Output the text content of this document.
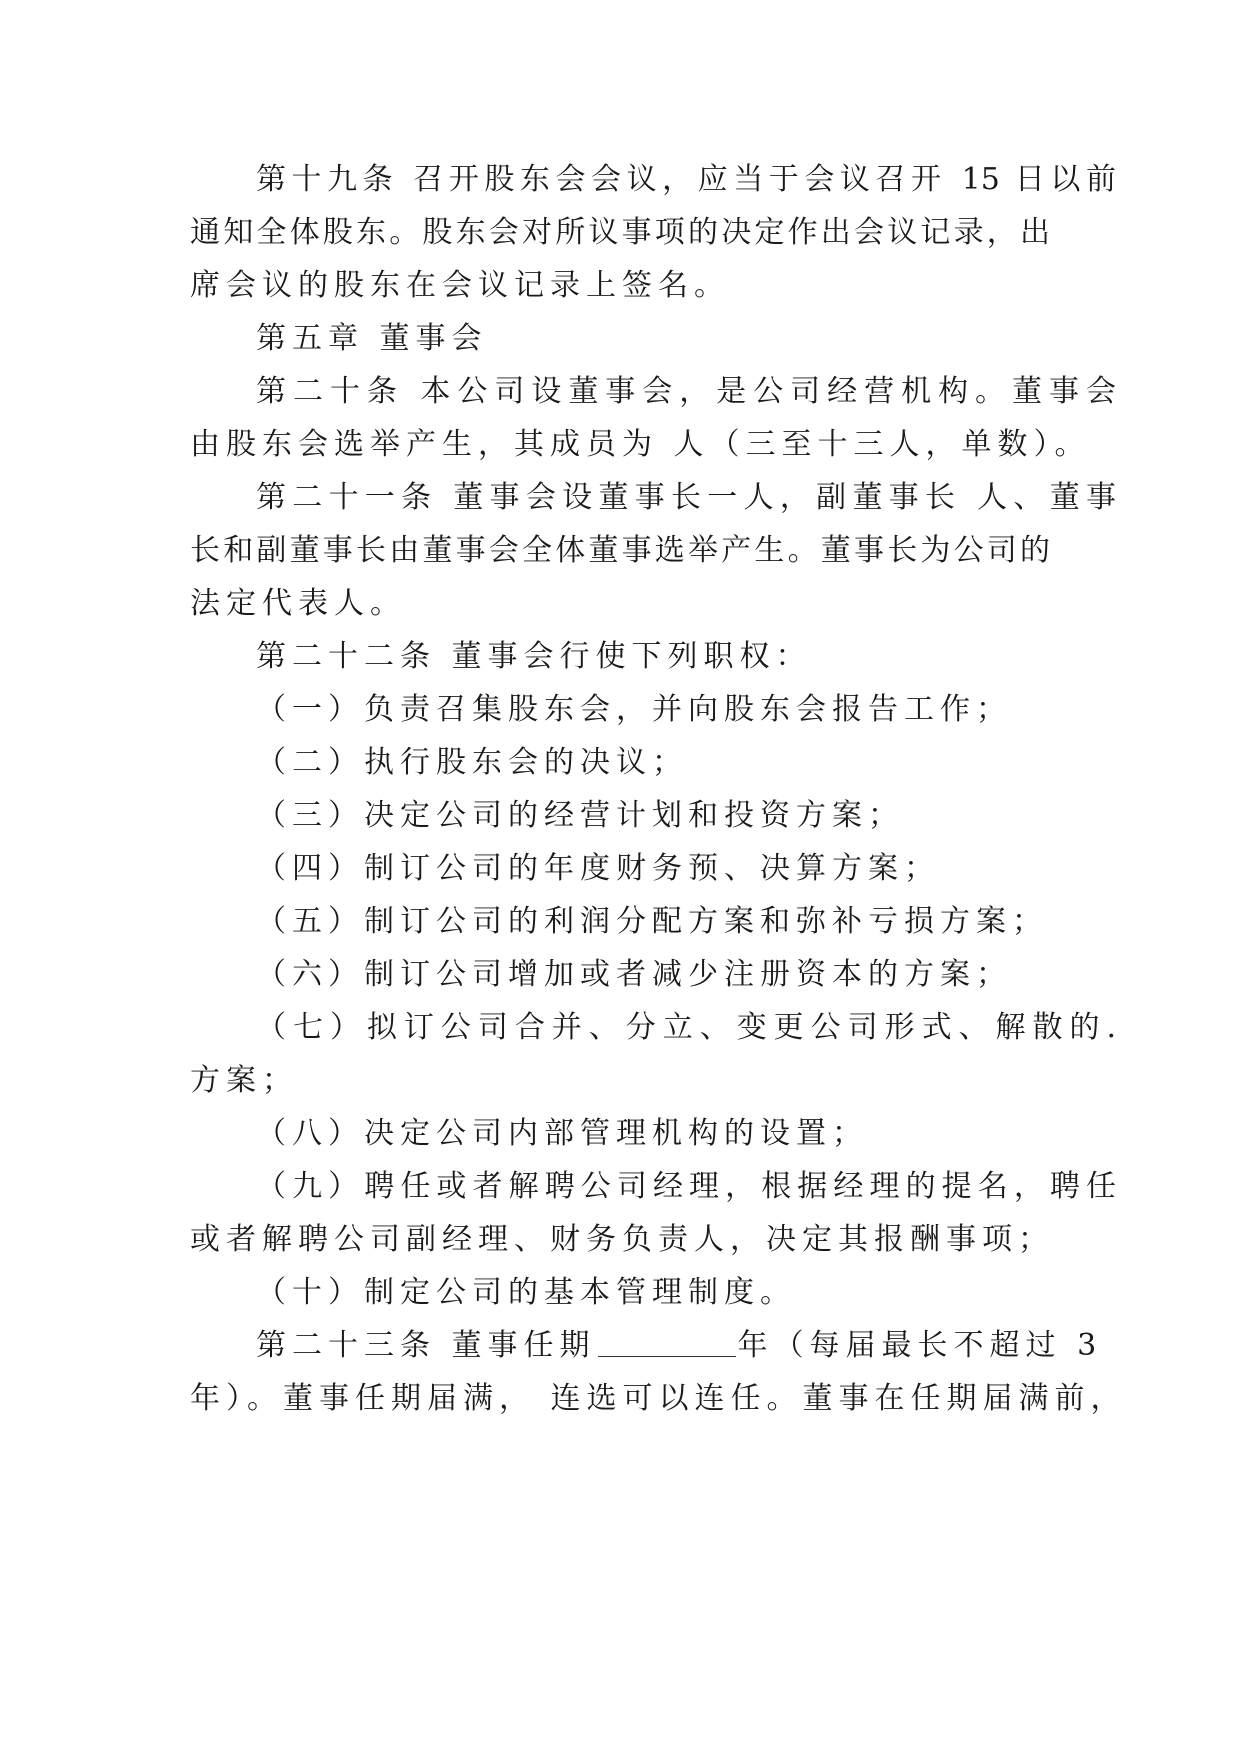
第十九条 召开股东会会议，应当于会议召开 15 日以前
通知全体股东。股东会对所议事项的决定作出会议记录，出
席会议的股东在会议记录上签名。
第五章 董事会
第二十条 本公司设董事会，是公司经营机构。董事会
由股东会选举产生，其成员为 人（三至十三人，单数）。
第二十一条 董事会设董事长一人，副董事长 人、董事
长和副董事长由董事会全体董事选举产生。董事长为公司的
法定代表人。
第二十二条 董事会行使下列职权：
（一）负责召集股东会，并向股东会报告工作；
（二）执行股东会的决议；
（三）决定公司的经营计划和投资方案；
（四）制订公司的年度财务预、决算方案；
（五）制订公司的利润分配方案和弥补亏损方案；
（六）制订公司增加或者减少注册资本的方案；
（七）拟订公司合并、分立、变更公司形式、解散的.
方案；
（八）决定公司内部管理机构的设置；
（九）聘任或者解聘公司经理，根据经理的提名，聘任
或者解聘公司副经理、财务负责人，决定其报酬事项；
（十）制定公司的基本管理制度。
第二十三条 董事任期	年（每届最长不超过 3
年）。董事任期届满， 连选可以连任。董事在任期届满前，
